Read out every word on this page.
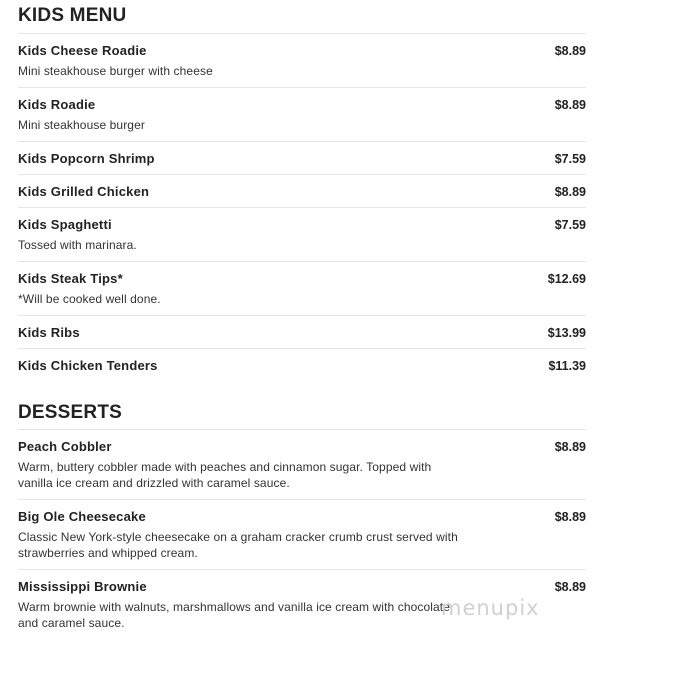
KIDS MENU
Kids Cheese Roadie	$8.89
Mini steakhouse burger with cheese
Kids Roadie	$8.89
Mini steakhouse burger
Kids Popcorn Shrimp	$7.59
Kids Grilled Chicken	$8.89
Kids Spaghetti	$7.59
Tossed with marinara.
Kids Steak Tips*	$12.69
*Will be cooked well done.
Kids Ribs	$13.99
Kids Chicken Tenders	$11.39
DESSERTS
Peach Cobbler	$8.89
Warm, buttery cobbler made with peaches and cinnamon sugar. Topped with vanilla ice cream and drizzled with caramel sauce.
Big Ole Cheesecake	$8.89
Classic New York-style cheesecake on a graham cracker crumb crust served with strawberries and whipped cream.
Mississippi Brownie	$8.89
Warm brownie with walnuts, marshmallows and vanilla ice cream with chocolate and caramel sauce.
menupix
